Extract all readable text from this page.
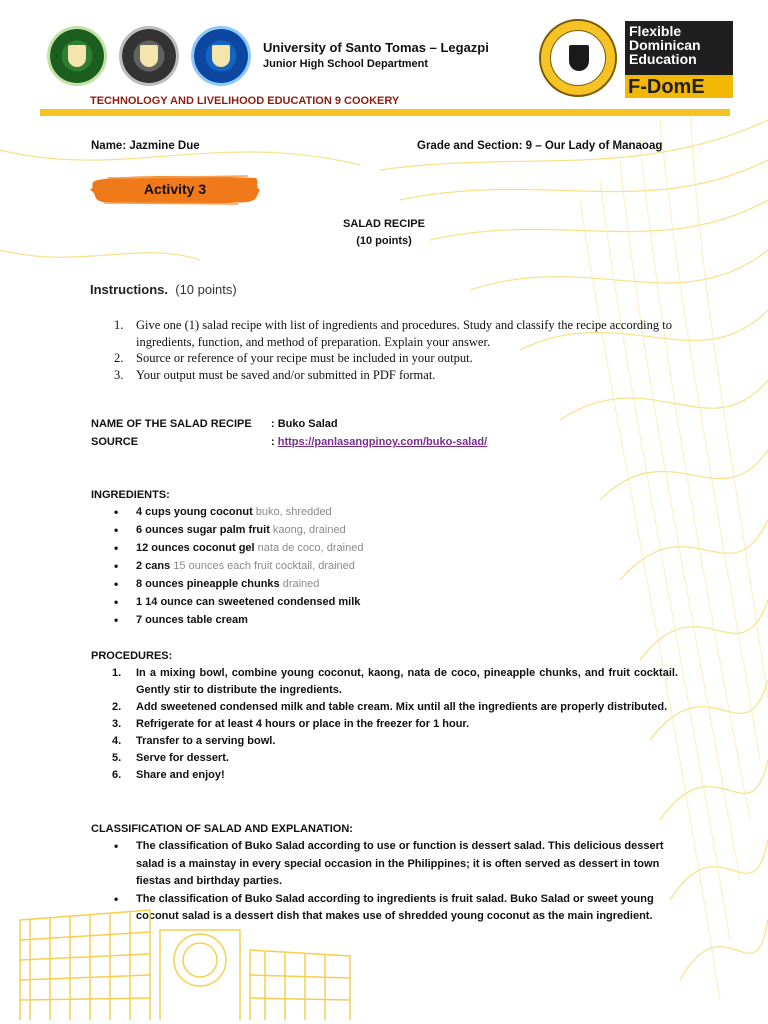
University of Santo Tomas – Legazpi
Junior High School Department
Flexible
Dominican
Education
F-DomE
TECHNOLOGY AND LIVELIHOOD EDUCATION 9 COOKERY
Name: Jazmine Due	Grade and Section: 9 – Our Lady of Manaoag
Activity 3
SALAD RECIPE
(10 points)
Instructions. (10 points)
1. Give one (1) salad recipe with list of ingredients and procedures. Study and classify the recipe according to ingredients, function, and method of preparation. Explain your answer.
2. Source or reference of your recipe must be included in your output.
3. Your output must be saved and/or submitted in PDF format.
NAME OF THE SALAD RECIPE : Buko Salad
SOURCE	: https://panlasangpinoy.com/buko-salad/
INGREDIENTS:
• 4 cups young coconut buko, shredded
• 6 ounces sugar palm fruit kaong, drained
• 12 ounces coconut gel nata de coco, drained
• 2 cans 15 ounces each fruit cocktail, drained
• 8 ounces pineapple chunks drained
• 1 14 ounce can sweetened condensed milk
• 7 ounces table cream
PROCEDURES:
1. In a mixing bowl, combine young coconut, kaong, nata de coco, pineapple chunks, and fruit cocktail. Gently stir to distribute the ingredients.
2. Add sweetened condensed milk and table cream. Mix until all the ingredients are properly distributed.
3. Refrigerate for at least 4 hours or place in the freezer for 1 hour.
4. Transfer to a serving bowl.
5. Serve for dessert.
6. Share and enjoy!
CLASSIFICATION OF SALAD AND EXPLANATION:
• The classification of Buko Salad according to use or function is dessert salad. This delicious dessert salad is a mainstay in every special occasion in the Philippines; it is often served as dessert in town fiestas and birthday parties.
• The classification of Buko Salad according to ingredients is fruit salad. Buko Salad or sweet young coconut salad is a dessert dish that makes use of shredded young coconut as the main ingredient.
